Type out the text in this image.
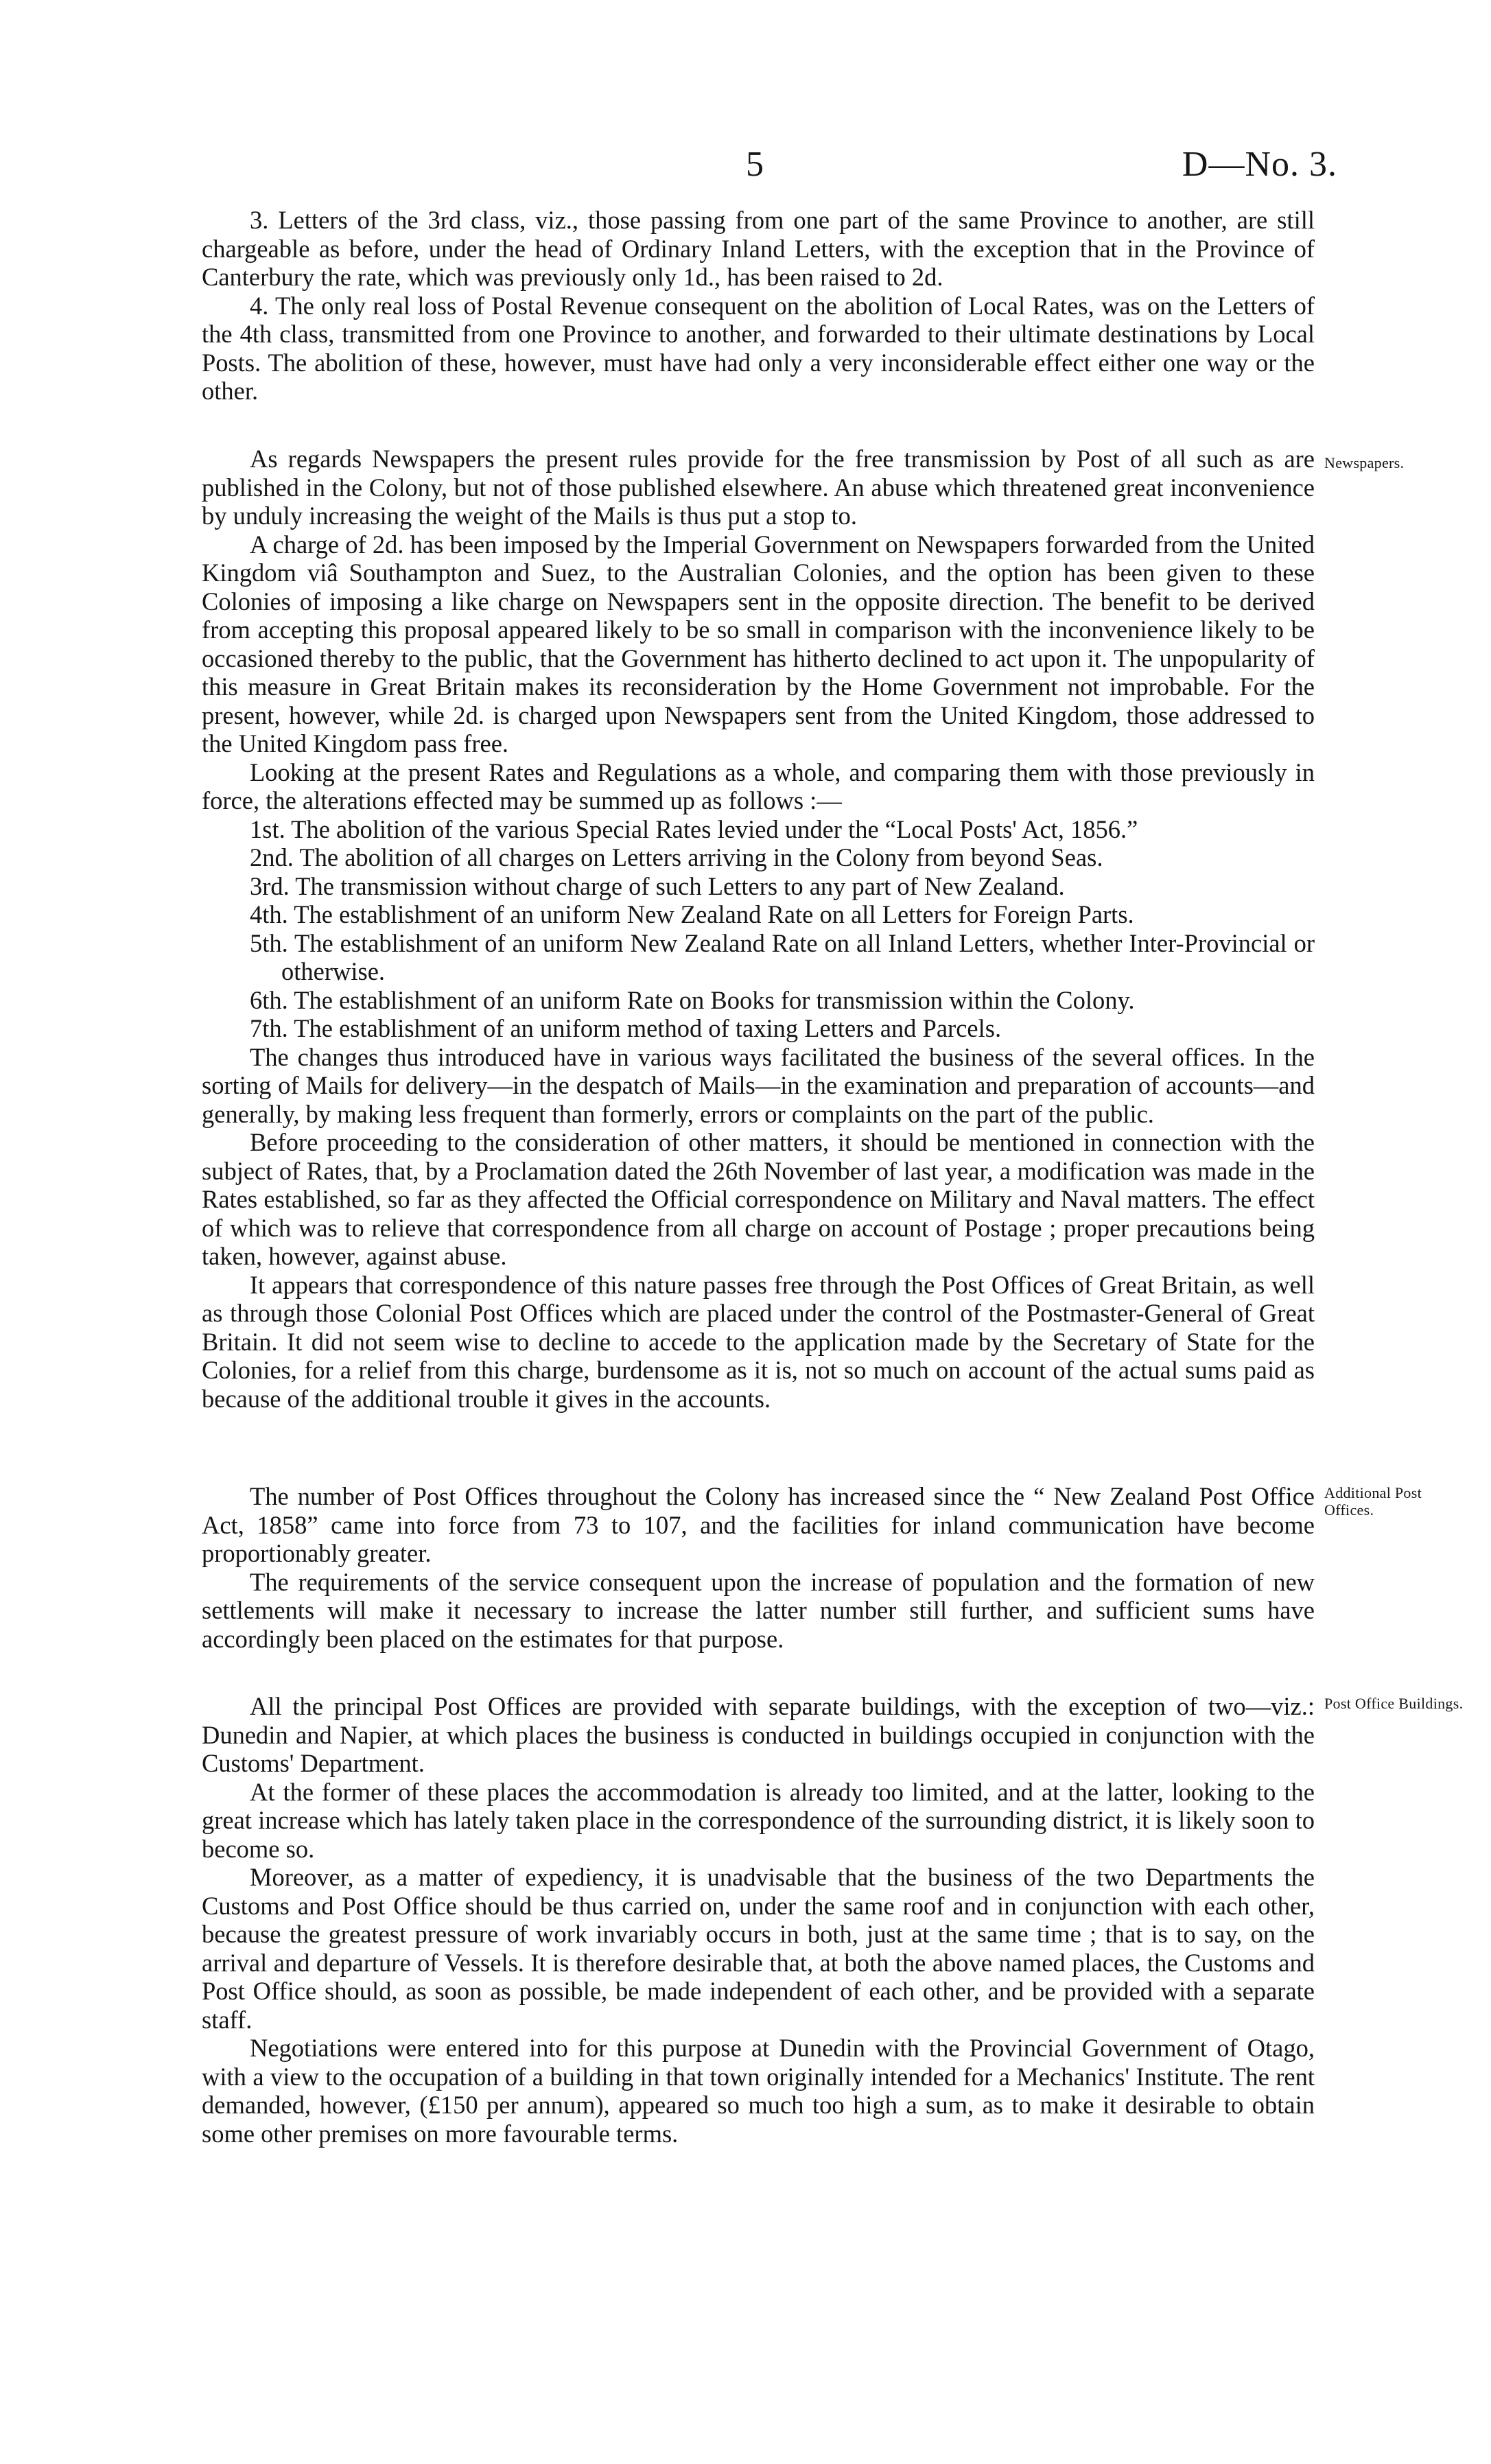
5	D—No. 3.

3. Letters of the 3rd class, viz., those passing from one part of the same Province to another, are still chargeable as before, under the head of Ordinary Inland Letters, with the exception that in the Province of Canterbury the rate, which was previously only 1d., has been raised to 2d.

4. The only real loss of Postal Revenue consequent on the abolition of Local Rates, was on the Letters of the 4th class, transmitted from one Province to another, and forwarded to their ultimate destinations by Local Posts. The abolition of these, however, must have had only a very inconsiderable effect either one way or the other.

Newspapers.

As regards Newspapers the present rules provide for the free transmission by Post of all such as are published in the Colony, but not of those published elsewhere. An abuse which threatened great inconvenience by unduly increasing the weight of the Mails is thus put a stop to.

A charge of 2d. has been imposed by the Imperial Government on Newspapers forwarded from the United Kingdom viâ Southampton and Suez, to the Australian Colonies, and the option has been given to these Colonies of imposing a like charge on Newspapers sent in the opposite direction. The benefit to be derived from accepting this proposal appeared likely to be so small in comparison with the inconvenience likely to be occasioned thereby to the public, that the Government has hitherto declined to act upon it. The unpopularity of this measure in Great Britain makes its reconsideration by the Home Government not improbable. For the present, however, while 2d. is charged upon Newspapers sent from the United Kingdom, those addressed to the United Kingdom pass free.

Looking at the present Rates and Regulations as a whole, and comparing them with those previously in force, the alterations effected may be summed up as follows :—

1st. The abolition of the various Special Rates levied under the “Local Posts' Act, 1856.”

2nd. The abolition of all charges on Letters arriving in the Colony from beyond Seas.

3rd. The transmission without charge of such Letters to any part of New Zealand.

4th. The establishment of an uniform New Zealand Rate on all Letters for Foreign Parts.

5th. The establishment of an uniform New Zealand Rate on all Inland Letters, whether Inter-Provincial or otherwise.

6th. The establishment of an uniform Rate on Books for transmission within the Colony.

7th. The establishment of an uniform method of taxing Letters and Parcels.

The changes thus introduced have in various ways facilitated the business of the several offices. In the sorting of Mails for delivery—in the despatch of Mails—in the examination and preparation of accounts—and generally, by making less frequent than formerly, errors or complaints on the part of the public.

Before proceeding to the consideration of other matters, it should be mentioned in connection with the subject of Rates, that, by a Proclamation dated the 26th November of last year, a modification was made in the Rates established, so far as they affected the Official correspondence on Military and Naval matters. The effect of which was to relieve that correspondence from all charge on account of Postage ; proper precautions being taken, however, against abuse.

It appears that correspondence of this nature passes free through the Post Offices of Great Britain, as well as through those Colonial Post Offices which are placed under the control of the Postmaster-General of Great Britain. It did not seem wise to decline to accede to the application made by the Secretary of State for the Colonies, for a relief from this charge, burdensome as it is, not so much on account of the actual sums paid as because of the additional trouble it gives in the accounts.

Additional Post Offices.

The number of Post Offices throughout the Colony has increased since the “ New Zealand Post Office Act, 1858” came into force from 73 to 107, and the facilities for inland communication have become proportionably greater.

The requirements of the service consequent upon the increase of population and the formation of new settlements will make it necessary to increase the latter number still further, and sufficient sums have accordingly been placed on the estimates for that purpose.

Post Office Buildings.

All the principal Post Offices are provided with separate buildings, with the exception of two—viz.: Dunedin and Napier, at which places the business is conducted in buildings occupied in conjunction with the Customs' Department.

At the former of these places the accommodation is already too limited, and at the latter, looking to the great increase which has lately taken place in the correspondence of the surrounding district, it is likely soon to become so.

Moreover, as a matter of expediency, it is unadvisable that the business of the two Departments the Customs and Post Office should be thus carried on, under the same roof and in conjunction with each other, because the greatest pressure of work invariably occurs in both, just at the same time ; that is to say, on the arrival and departure of Vessels. It is therefore desirable that, at both the above named places, the Customs and Post Office should, as soon as possible, be made independent of each other, and be provided with a separate staff.

Negotiations were entered into for this purpose at Dunedin with the Provincial Government of Otago, with a view to the occupation of a building in that town originally intended for a Mechanics' Institute. The rent demanded, however, (£150 per annum), appeared so much too high a sum, as to make it desirable to obtain some other premises on more favourable terms.
